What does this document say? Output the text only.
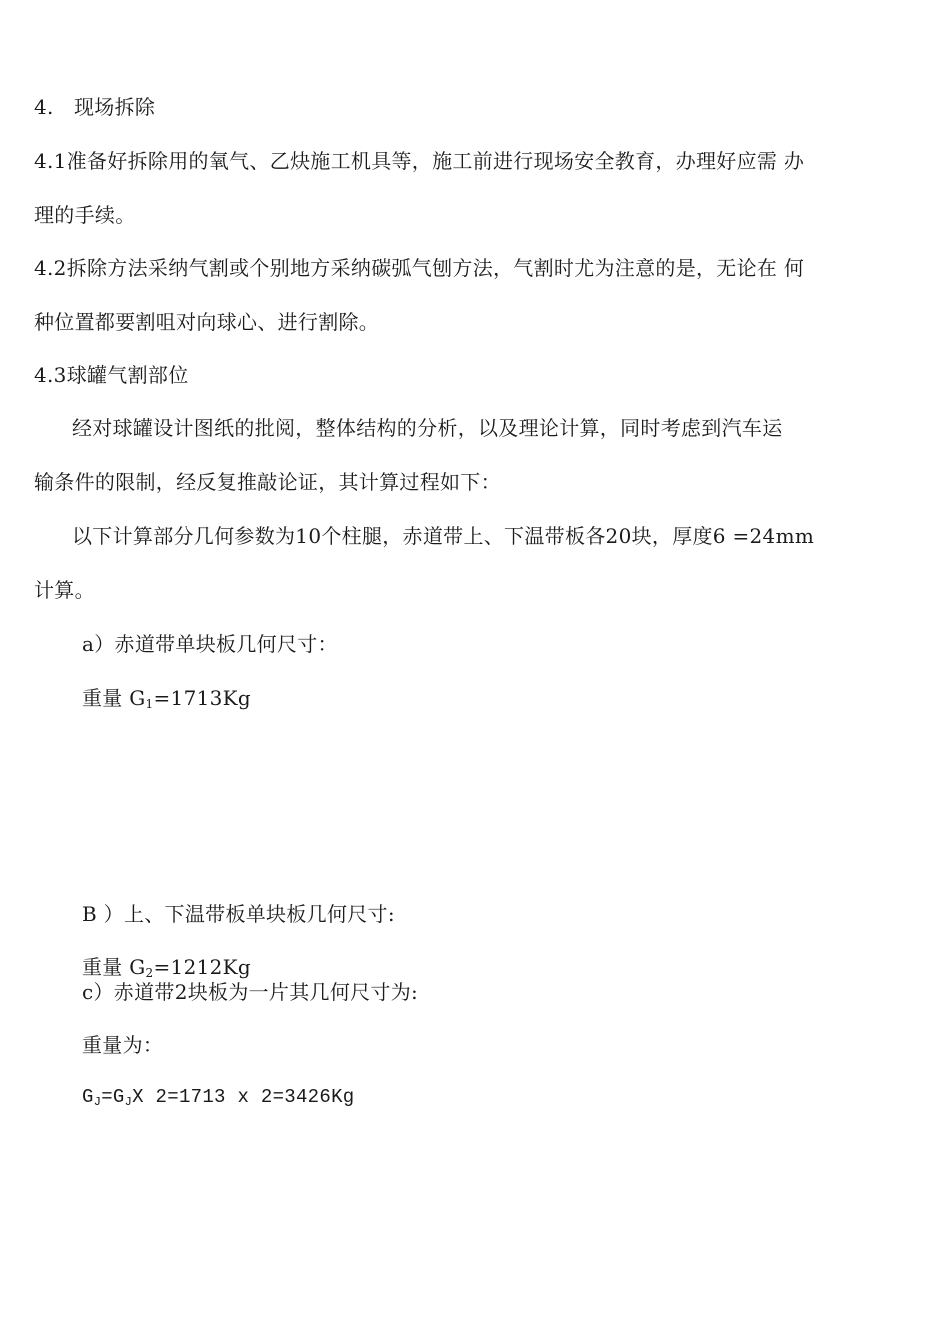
4.　现场拆除
4.1准备好拆除用的氧气、乙炔施工机具等，施工前进行现场安全教育，办理好应需 办
理的手续。
4.2拆除方法采纳气割或个别地方采纳碳弧气刨方法，气割时尤为注意的是，无论在 何
种位置都要割咀对向球心、进行割除。
4.3球罐气割部位
经对球罐设计图纸的批阅，整体结构的分析，以及理论计算，同时考虑到汽车运
输条件的限制，经反复推敲论证，其计算过程如下：
以下计算部分几何参数为10个柱腿，赤道带上、下温带板各20块，厚度6 =24mm
计算。
a）赤道带单块板几何尺寸：
重量 $G_1=1713Kg$
B ）上、下温带板单块板几何尺寸:
重量 $G_2=1212Kg$
c）赤道带2块板为一片其几何尺寸为:
重量为：
$G_J=G_JX$ 2=1713 x 2=3426Kg
